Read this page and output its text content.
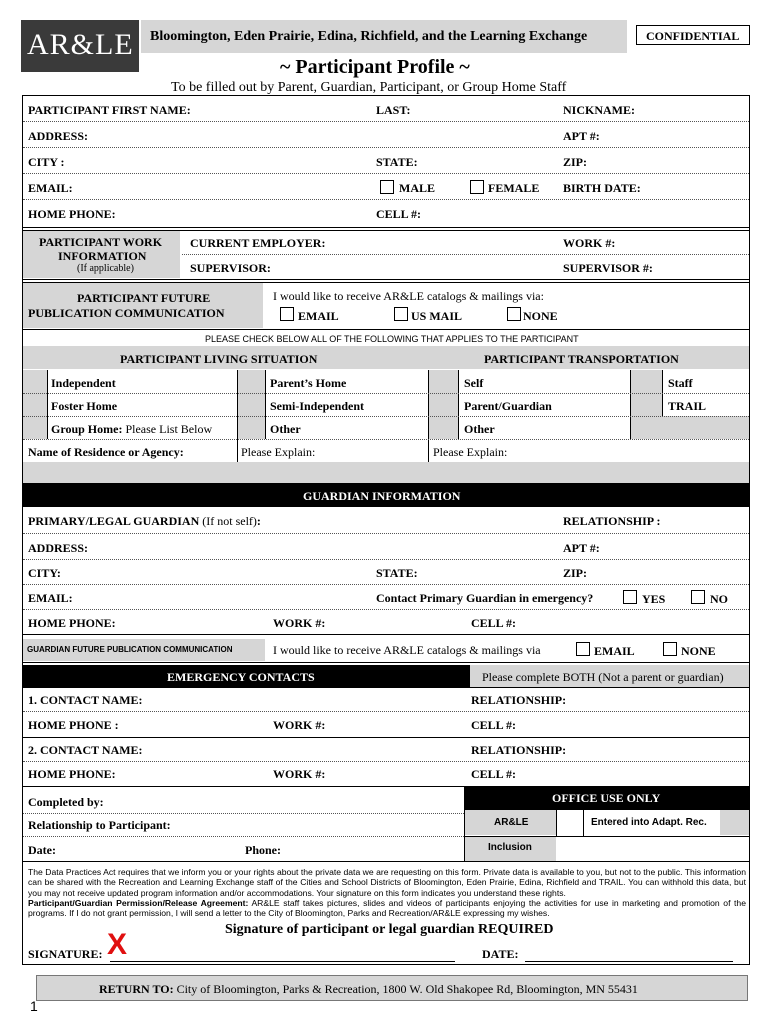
AR&LE Bloomington, Eden Prairie, Edina, Richfield, and the Learning Exchange	CONFIDENTIAL
~ Participant Profile ~
To be filled out by Parent, Guardian, Participant, or Group Home Staff
PARTICIPANT FIRST NAME:	LAST:	NICKNAME:
ADDRESS:	APT #:
CITY :	STATE:	ZIP:
EMAIL:	MALE	FEMALE BIRTH DATE:
HOME PHONE:	CELL #:
PARTICIPANT WORK
INFORMATION
(If applicable)
CURRENT EMPLOYER:	WORK #:
SUPERVISOR:	SUPERVISOR #:
PARTICIPANT FUTURE
PUBLICATION COMMUNICATION
I would like to receive AR&LE catalogs & mailings via:
EMAIL	US MAIL	NONE
PLEASE CHECK BELOW ALL OF THE FOLLOWING THAT APPLIES TO THE PARTICIPANT
PARTICIPANT LIVING SITUATION	PARTICIPANT TRANSPORTATION
Independent	Parent’s Home	Self	Staff
Foster Home	Semi-Independent	Parent/Guardian	TRAIL
Group Home: Please List Below	Other	Other
Name of Residence or Agency:	Please Explain:	Please Explain:
GUARDIAN INFORMATION
PRIMARY/LEGAL GUARDIAN (If not self):	RELATIONSHIP :
ADDRESS:	APT #:
CITY:	STATE:	ZIP:
EMAIL:	Contact Primary Guardian in emergency?	YES	NO
HOME PHONE:	WORK #:	CELL #:
GUARDIAN FUTURE PUBLICATION COMMUNICATION	I would like to receive AR&LE catalogs & mailings via	EMAIL	NONE
EMERGENCY CONTACTS	Please complete BOTH (Not a parent or guardian)
1. CONTACT NAME:	RELATIONSHIP:
HOME PHONE :	WORK #:	CELL #:
2. CONTACT NAME:	RELATIONSHIP:
HOME PHONE:	WORK #:	CELL #:
Completed by:
Relationship to Participant:
Date:	Phone:
OFFICE USE ONLY
AR&LE	Entered into Adapt. Rec.
Inclusion
The Data Practices Act requires that we inform you or your rights about the private data we are requesting on this form. Private data is available to you, but not to the public. This information can be shared with the Recreation and Learning Exchange staff of the Cities and School Districts of Bloomington, Eden Prairie, Edina, Richfield and TRAIL. You can withhold this data, but you may not receive updated program information and/or accommodations. Your signature on this form indicates you understand these rights.
Participant/Guardian Permission/Release Agreement: AR&LE staff takes pictures, slides and videos of participants enjoying the activities for use in marketing and promotion of the programs. If I do not grant permission, I will send a letter to the City of Bloomington, Parks and Recreation/AR&LE expressing my wishes.
Signature of participant or legal guardian REQUIRED
SIGNATURE: X	DATE:
RETURN TO: City of Bloomington, Parks & Recreation, 1800 W. Old Shakopee Rd, Bloomington, MN 55431
1
